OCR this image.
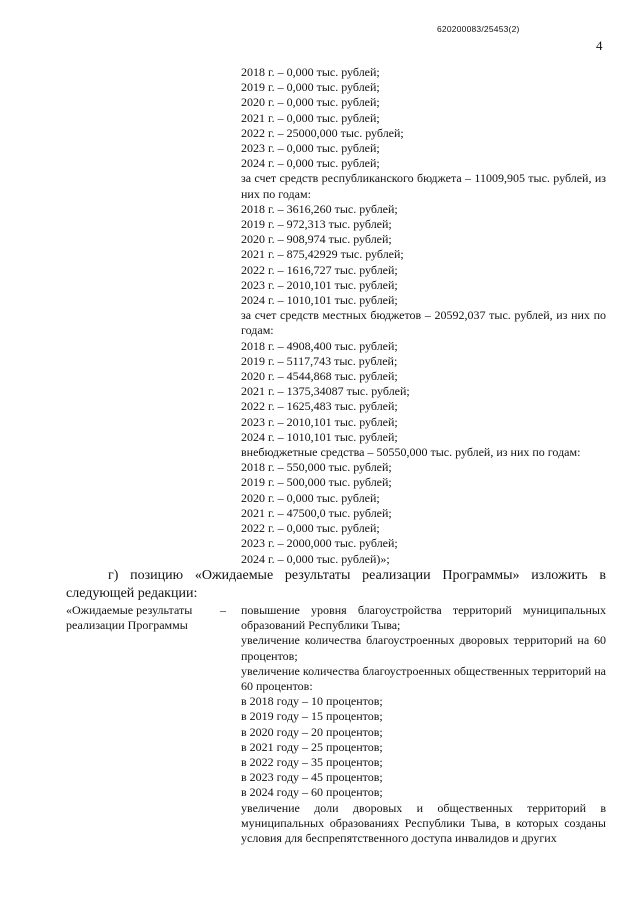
620200083/25453(2)
4
2018 г. – 0,000 тыс. рублей;
2019 г. – 0,000 тыс. рублей;
2020 г. – 0,000 тыс. рублей;
2021 г. – 0,000 тыс. рублей;
2022 г. – 25000,000 тыс. рублей;
2023 г. – 0,000 тыс. рублей;
2024 г. – 0,000 тыс. рублей;
за счет средств республиканского бюджета – 11009,905 тыс. рублей, из них по годам:
2018 г. – 3616,260 тыс. рублей;
2019 г. – 972,313 тыс. рублей;
2020 г. – 908,974 тыс. рублей;
2021 г. – 875,42929 тыс. рублей;
2022 г. – 1616,727 тыс. рублей;
2023 г. – 2010,101 тыс. рублей;
2024 г. – 1010,101 тыс. рублей;
за счет средств местных бюджетов – 20592,037 тыс. рублей, из них по годам:
2018 г. – 4908,400 тыс. рублей;
2019 г. – 5117,743 тыс. рублей;
2020 г. – 4544,868 тыс. рублей;
2021 г. – 1375,34087 тыс. рублей;
2022 г. – 1625,483 тыс. рублей;
2023 г. – 2010,101 тыс. рублей;
2024 г. – 1010,101 тыс. рублей;
внебюджетные средства – 50550,000 тыс. рублей, из них по годам:
2018 г. – 550,000 тыс. рублей;
2019 г. – 500,000 тыс. рублей;
2020 г. – 0,000 тыс. рублей;
2021 г. – 47500,0 тыс. рублей;
2022 г. – 0,000 тыс. рублей;
2023 г. – 2000,000 тыс. рублей;
2024 г. – 0,000 тыс. рублей)»;
г) позицию «Ожидаемые результаты реализации Программы» изложить в следующей редакции:
«Ожидаемые результаты реализации Программы
– повышение уровня благоустройства территорий муниципальных образований Республики Тыва;
увеличение количества благоустроенных дворовых территорий на 60 процентов;
увеличение количества благоустроенных общественных территорий на 60 процентов:
в 2018 году – 10 процентов;
в 2019 году – 15 процентов;
в 2020 году – 20 процентов;
в 2021 году – 25 процентов;
в 2022 году – 35 процентов;
в 2023 году – 45 процентов;
в 2024 году – 60 процентов;
увеличение доли дворовых и общественных территорий в муниципальных образованиях Республики Тыва, в которых созданы условия для беспрепятственного доступа инвалидов и других
